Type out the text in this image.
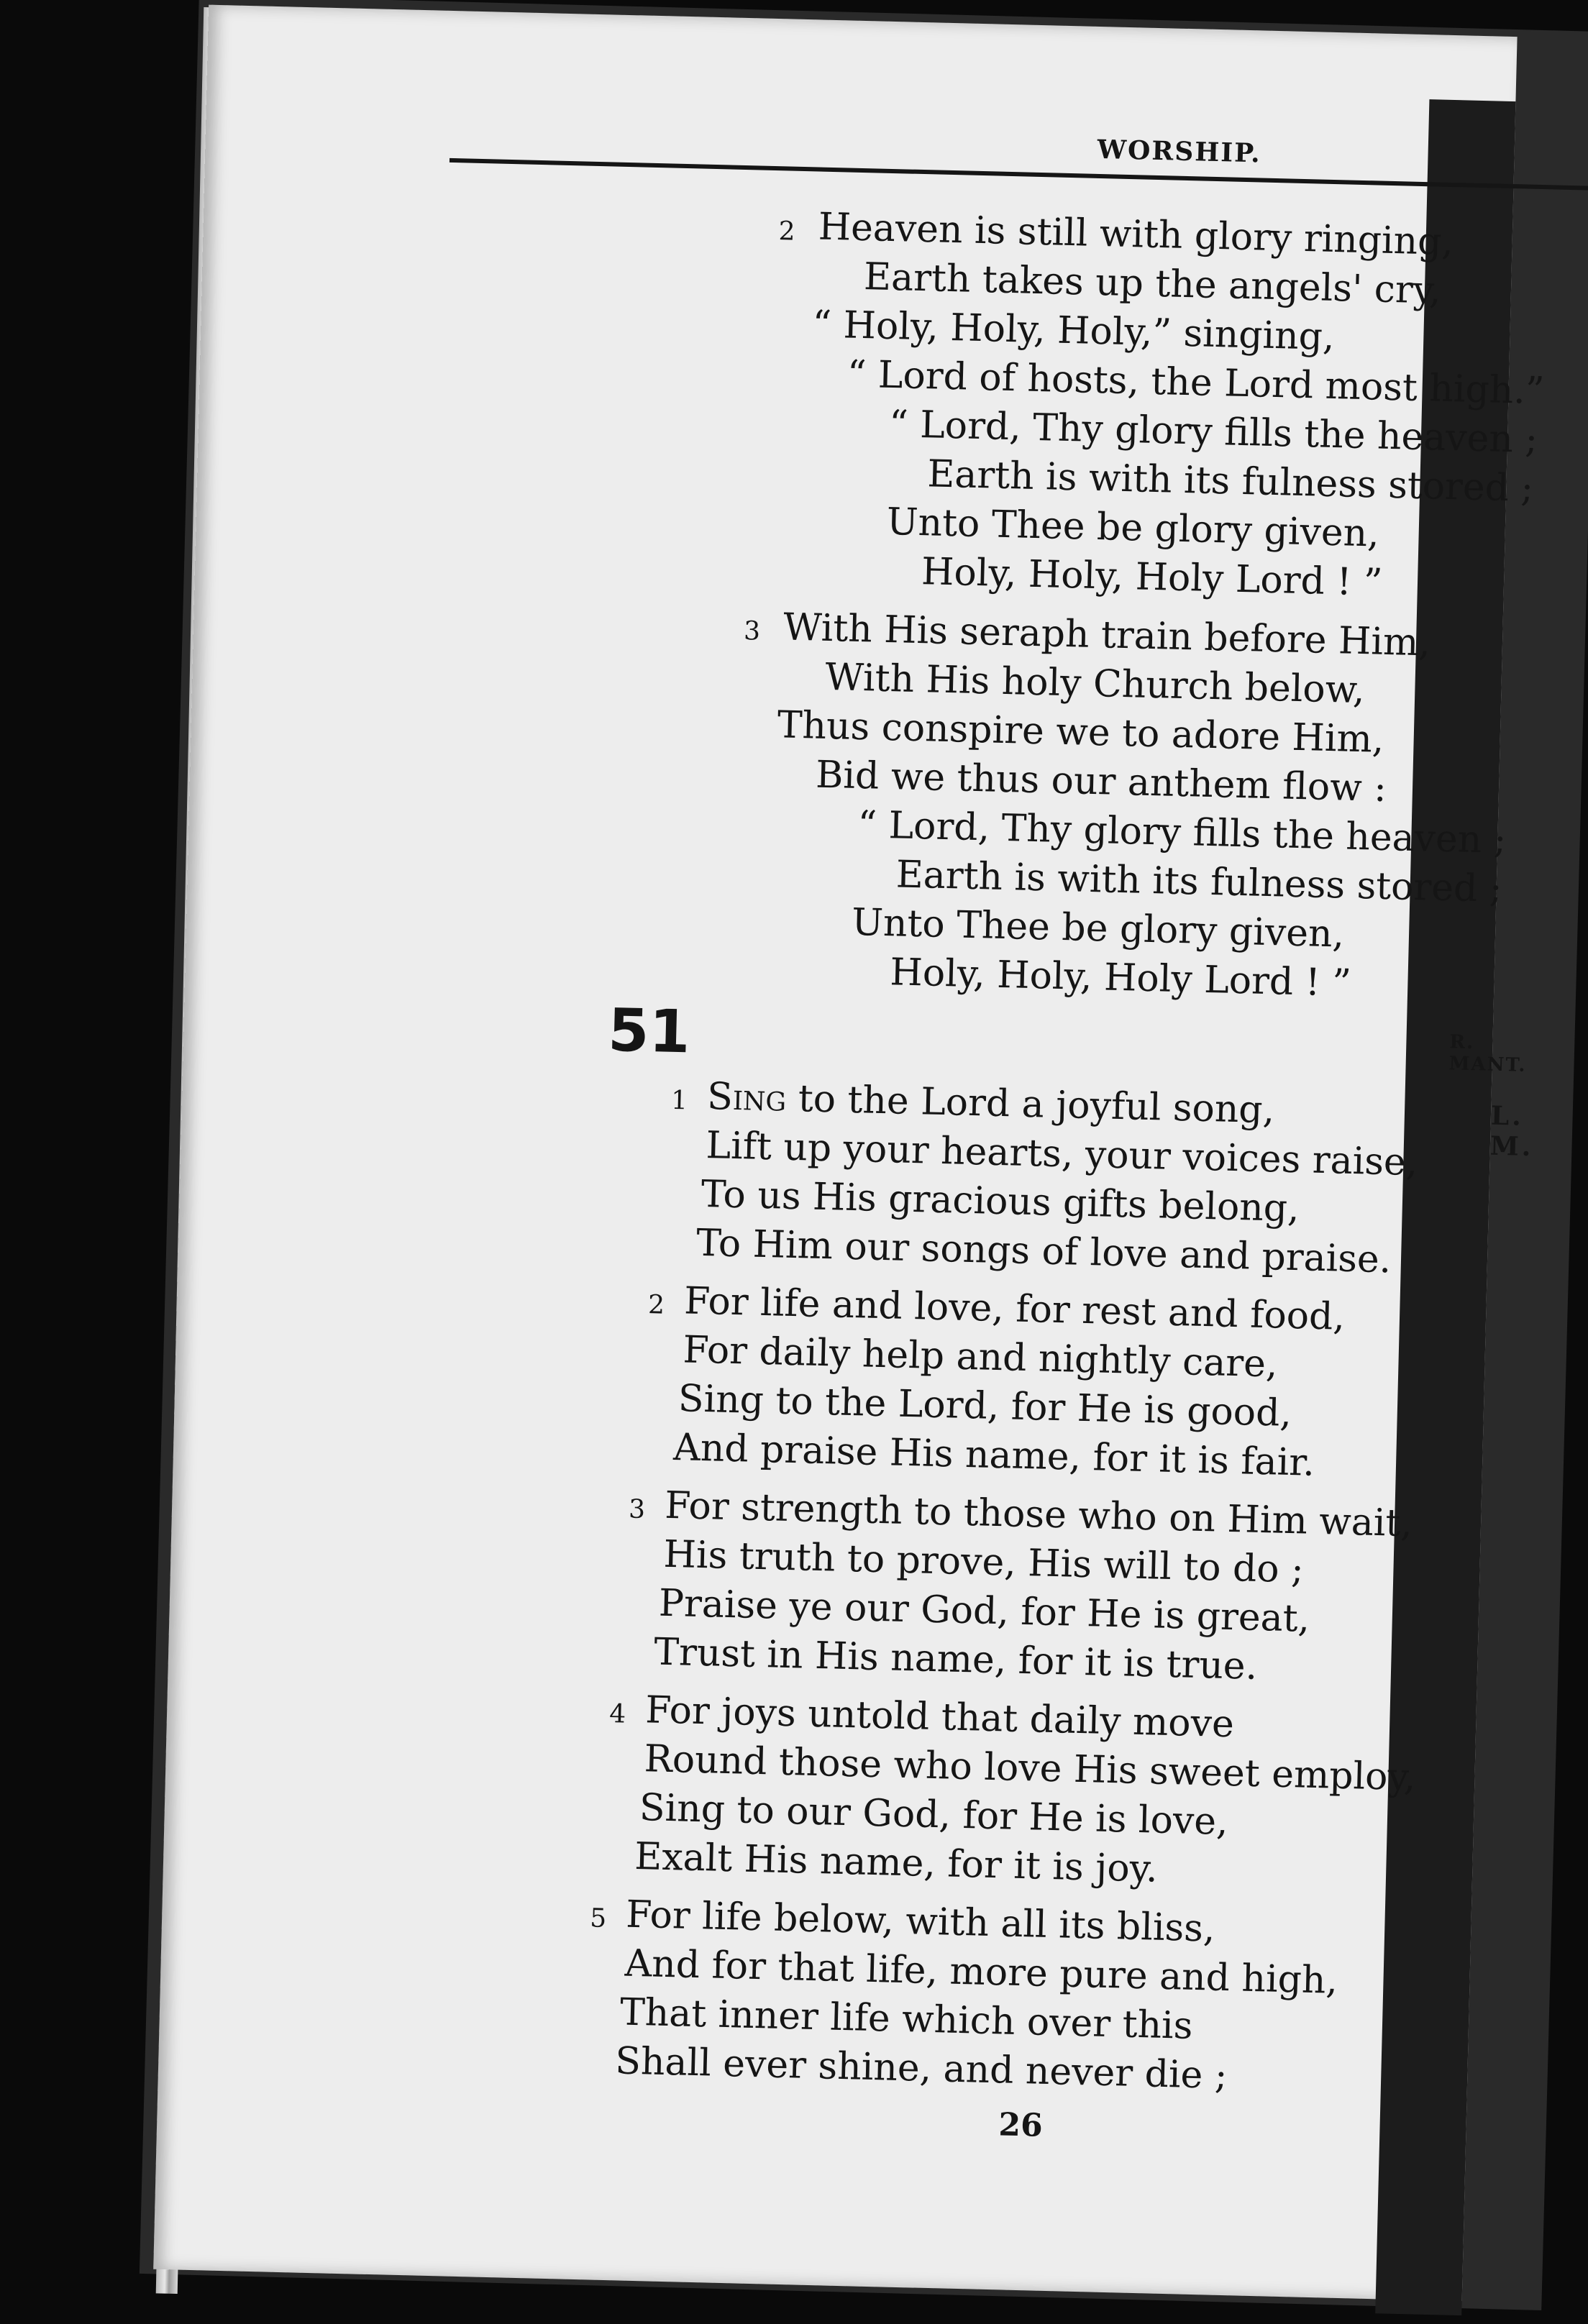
WORSHIP.
2 Heaven is still with glory ringing,
Earth takes up the angels' cry,
“ Holy, Holy, Holy,” singing,
“ Lord of hosts, the Lord most high.”
“ Lord, Thy glory fills the heaven ;
Earth is with its fulness stored ;
Unto Thee be glory given,
Holy, Holy, Holy Lord ! ”
3 With His seraph train before Him,
With His holy Church below,
Thus conspire we to adore Him,
Bid we thus our anthem flow :
“ Lord, Thy glory fills the heaven ;
Earth is with its fulness stored ;
Unto Thee be glory given,
Holy, Holy, Holy Lord ! ”
51	R. MANT.
L. M.
1 Sing to the Lord a joyful song,
Lift up your hearts, your voices raise,
To us His gracious gifts belong,
To Him our songs of love and praise.
2 For life and love, for rest and food,
For daily help and nightly care,
Sing to the Lord, for He is good,
And praise His name, for it is fair.
3 For strength to those who on Him wait,
His truth to prove, His will to do ;
Praise ye our God, for He is great,
Trust in His name, for it is true.
4 For joys untold that daily move
Round those who love His sweet employ,
Sing to our God, for He is love,
Exalt His name, for it is joy.
5 For life below, with all its bliss,
And for that life, more pure and high,
That inner life which over this
Shall ever shine, and never die ;
26
